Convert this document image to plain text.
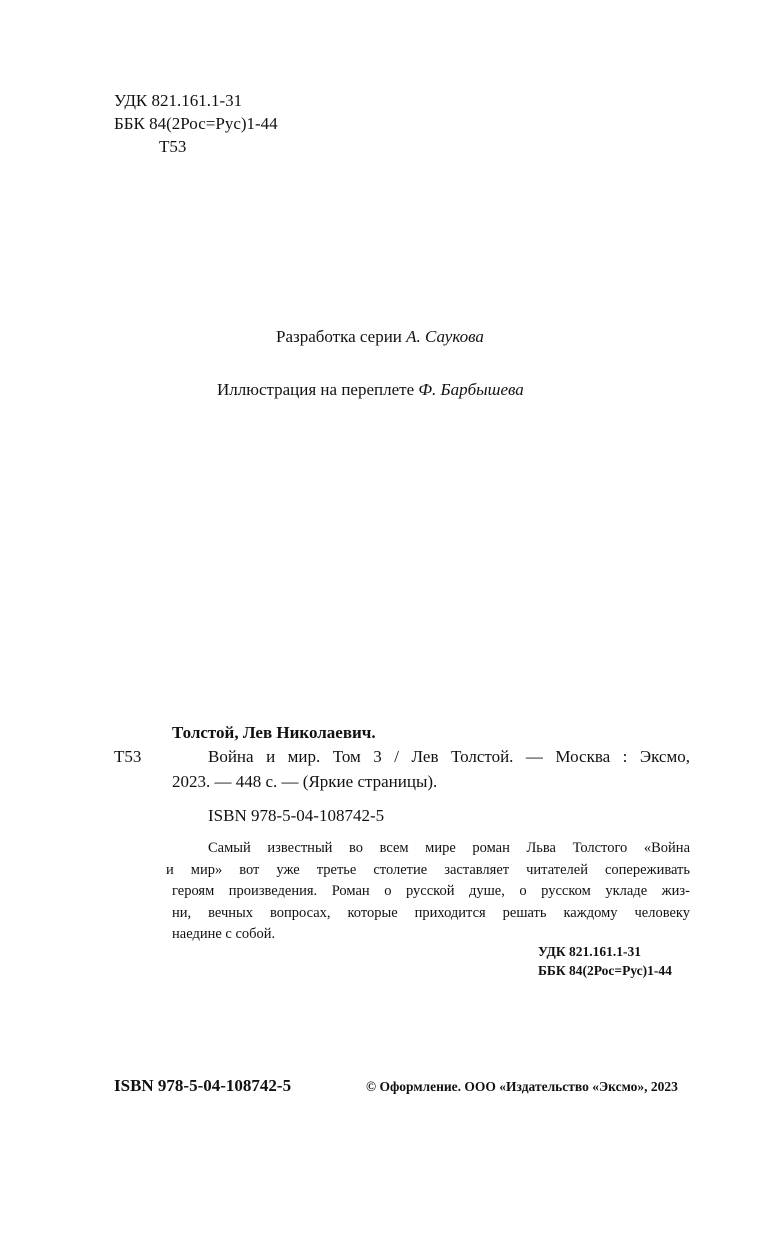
УДК 821.161.1-31
ББК 84(2Рос=Рус)1-44
Т53
Разработка серии А. Саукова
Иллюстрация на переплете Ф. Барбышева
Толстой, Лев Николаевич.
Т53	Война и мир. Том 3 / Лев Толстой. — Москва : Эксмо,
2023. — 448 с. — (Яркие страницы).
ISBN 978-5-04-108742-5
Самый известный во всем мире роман Льва Толстого «Война
и мир» вот уже третье столетие заставляет читателей сопереживать
героям произведения. Роман о русской душе, о русском укладе жиз-
ни, вечных вопросах, которые приходится решать каждому человеку
наедине с собой.
УДК 821.161.1-31
ББК 84(2Рос=Рус)1-44
ISBN 978-5-04-108742-5	© Оформление. ООО «Издательство «Эксмо», 2023
